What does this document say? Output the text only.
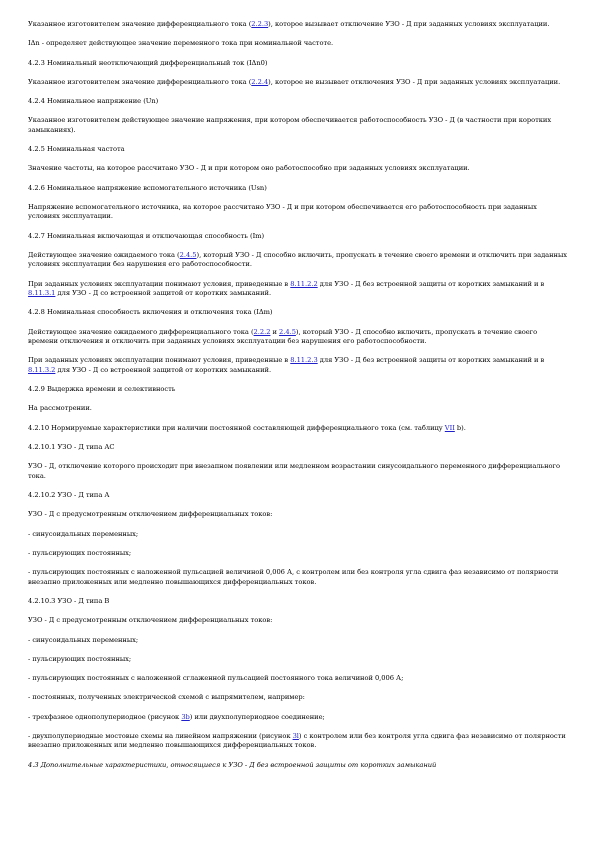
Указанное изготовителем значение дифференциального тока (2.2.3), которое вызывает отключение УЗО - Д при заданных условиях эксплуатации.

IΔn - определяет действующее значение переменного тока при номинальной частоте.

4.2.3 Номинальный неотключающий дифференциальный ток (IΔn0)

Указанное изготовителем значение дифференциального тока (2.2.4), которое не вызывает отключения УЗО - Д при заданных условиях эксплуатации.

4.2.4 Номинальное напряжение (Un)

Указанное изготовителем действующее значение напряжения, при котором обеспечивается работоспособность УЗО - Д (в частности при коротких замыканиях).

4.2.5 Номинальная частота

Значение частоты, на которое рассчитано УЗО - Д и при котором оно работоспособно при заданных условиях эксплуатации.

4.2.6 Номинальное напряжение вспомогательного источника (Usn)

Напряжение вспомогательного источника, на которое рассчитано УЗО - Д и при котором обеспечивается его работоспособность при заданных условиях эксплуатации.

4.2.7 Номинальная включающая и отключающая способность (Im)

Действующее значение ожидаемого тока (2.4.5), который УЗО - Д способно включить, пропускать в течение своего времени и отключить при заданных условиях эксплуатации без нарушения его работоспособности.

При заданных условиях эксплуатации понимают условия, приведенные в 8.11.2.2 для УЗО - Д без встроенной защиты от коротких замыканий и в 8.11.3.1 для УЗО - Д со встроенной защитой от коротких замыканий.

4.2.8 Номинальная способность включения и отключения тока (IΔm)

Действующее значение ожидаемого дифференциального тока (2.2.2 и 2.4.5), который УЗО - Д способно включить, пропускать в течение своего времени отключения и отключить при заданных условиях эксплуатации без нарушения его работоспособности.

При заданных условиях эксплуатации понимают условия, приведенные в 8.11.2.3 для УЗО - Д без встроенной защиты от коротких замыканий и в 8.11.3.2 для УЗО - Д со встроенной защитой от коротких замыканий.

4.2.9 Выдержка времени и селективность

На рассмотрении.

4.2.10 Нормируемые характеристики при наличии постоянной составляющей дифференциального тока (см. таблицу VII b).

4.2.10.1 УЗО - Д типа АС

УЗО - Д, отключение которого происходит при внезапном появлении или медленном возрастании синусоидального переменного дифференциального тока.

4.2.10.2 УЗО - Д типа А

УЗО - Д с предусмотренным отключением дифференциальных токов:

- синусоидальных переменных;

- пульсирующих постоянных;

- пульсирующих постоянных с наложенной пульсацией величиной 0,006 А, с контролем или без контроля угла сдвига фаз независимо от полярности внезапно приложенных или медленно повышающихся дифференциальных токов.

4.2.10.3 УЗО - Д типа В

УЗО - Д с предусмотренным отключением дифференциальных токов:

- синусоидальных переменных;

- пульсирующих постоянных;

- пульсирующих постоянных с наложенной сглаженной пульсацией постоянного тока величиной 0,006 А;

- постоянных, полученных электрической схемой с выпрямителем, например:

- трехфазное однополупериодное (рисунок 3b) или двухполупериодное соединение;

- двухполупериодные мостовые схемы на линейном напряжении (рисунок 3l) с контролем или без контроля угла сдвига фаз независимо от полярности внезапно приложенных или медленно повышающихся дифференциальных токов.

4.3 Дополнительные характеристики, относящиеся к УЗО - Д без встроенной защиты от коротких замыканий
